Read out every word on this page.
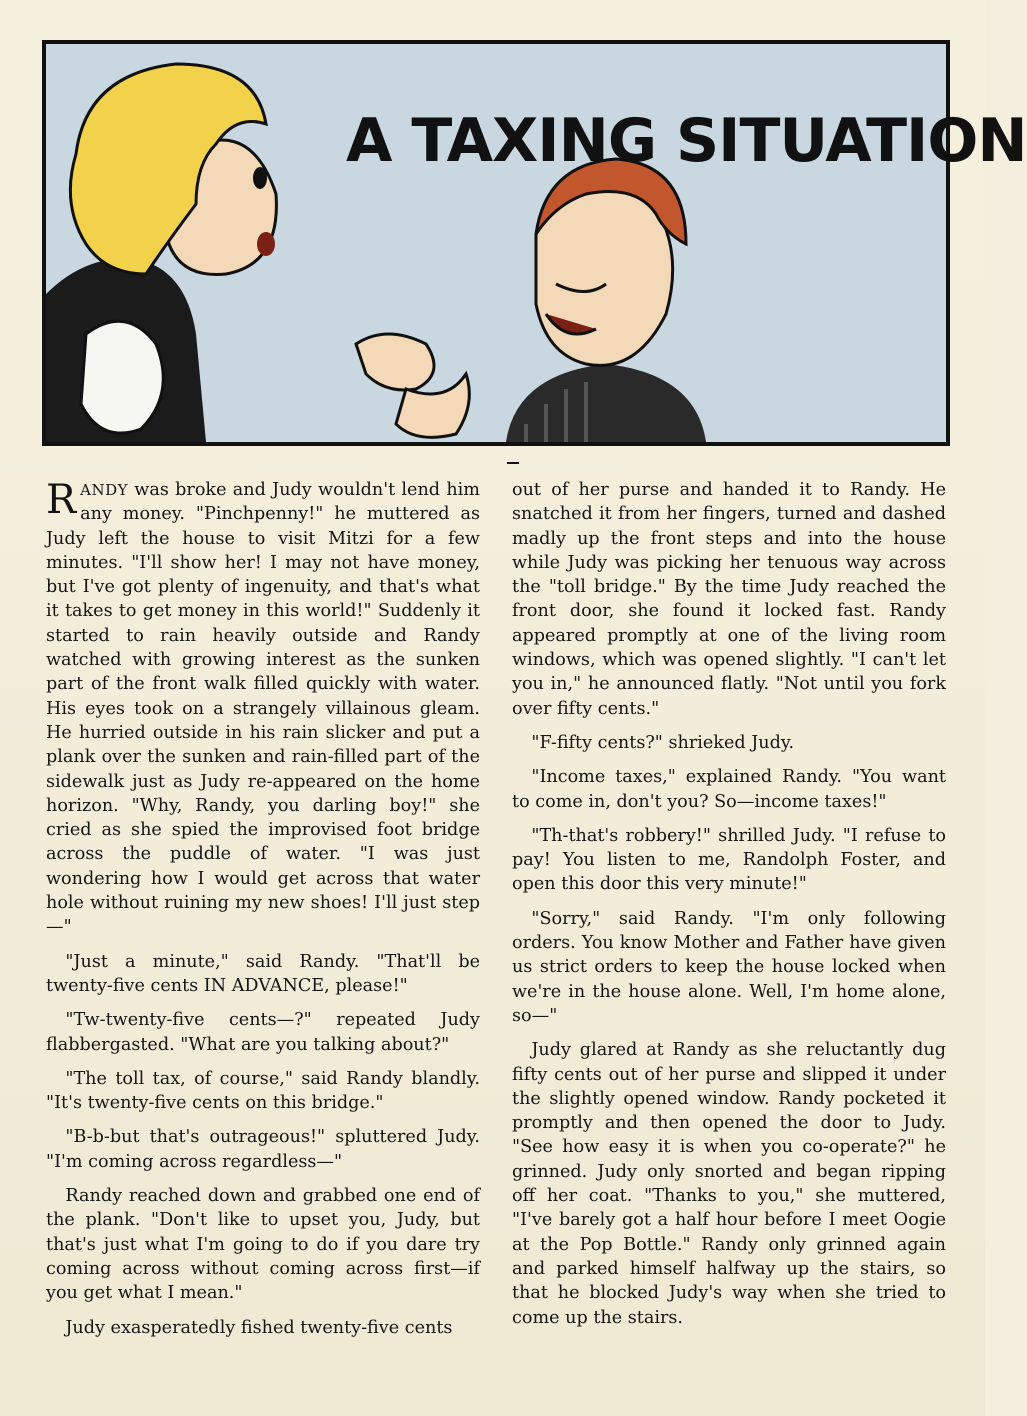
A TAXING SITUATION

RANDY was broke and Judy wouldn't lend him any money. "Pinchpenny!" he muttered as Judy left the house to visit Mitzi for a few minutes. "I'll show her! I may not have money, but I've got plenty of ingenuity, and that's what it takes to get money in this world!" Suddenly it started to rain heavily outside and Randy watched with growing interest as the sunken part of the front walk filled quickly with water. His eyes took on a strangely villainous gleam. He hurried outside in his rain slicker and put a plank over the sunken and rain-filled part of the sidewalk just as Judy re-appeared on the home horizon. "Why, Randy, you darling boy!" she cried as she spied the improvised foot bridge across the puddle of water. "I was just wondering how I would get across that water hole without ruining my new shoes! I'll just step—"

"Just a minute," said Randy. "That'll be twenty-five cents IN ADVANCE, please!"

"Tw-twenty-five cents—?" repeated Judy flabbergasted. "What are you talking about?"

"The toll tax, of course," said Randy blandly. "It's twenty-five cents on this bridge."

"B-b-but that's outrageous!" spluttered Judy. "I'm coming across regardless—"

Randy reached down and grabbed one end of the plank. "Don't like to upset you, Judy, but that's just what I'm going to do if you dare try coming across without coming across first—if you get what I mean."

Judy exasperatedly fished twenty-five cents

out of her purse and handed it to Randy. He snatched it from her fingers, turned and dashed madly up the front steps and into the house while Judy was picking her tenuous way across the "toll bridge." By the time Judy reached the front door, she found it locked fast. Randy appeared promptly at one of the living room windows, which was opened slightly. "I can't let you in," he announced flatly. "Not until you fork over fifty cents."

"F-fifty cents?" shrieked Judy.

"Income taxes," explained Randy. "You want to come in, don't you? So—income taxes!"

"Th-that's robbery!" shrilled Judy. "I refuse to pay! You listen to me, Randolph Foster, and open this door this very minute!"

"Sorry," said Randy. "I'm only following orders. You know Mother and Father have given us strict orders to keep the house locked when we're in the house alone. Well, I'm home alone, so—"

Judy glared at Randy as she reluctantly dug fifty cents out of her purse and slipped it under the slightly opened window. Randy pocketed it promptly and then opened the door to Judy. "See how easy it is when you co-operate?" he grinned. Judy only snorted and began ripping off her coat. "Thanks to you," she muttered, "I've barely got a half hour before I meet Oogie at the Pop Bottle." Randy only grinned again and parked himself halfway up the stairs, so that he blocked Judy's way when she tried to come up the stairs.
